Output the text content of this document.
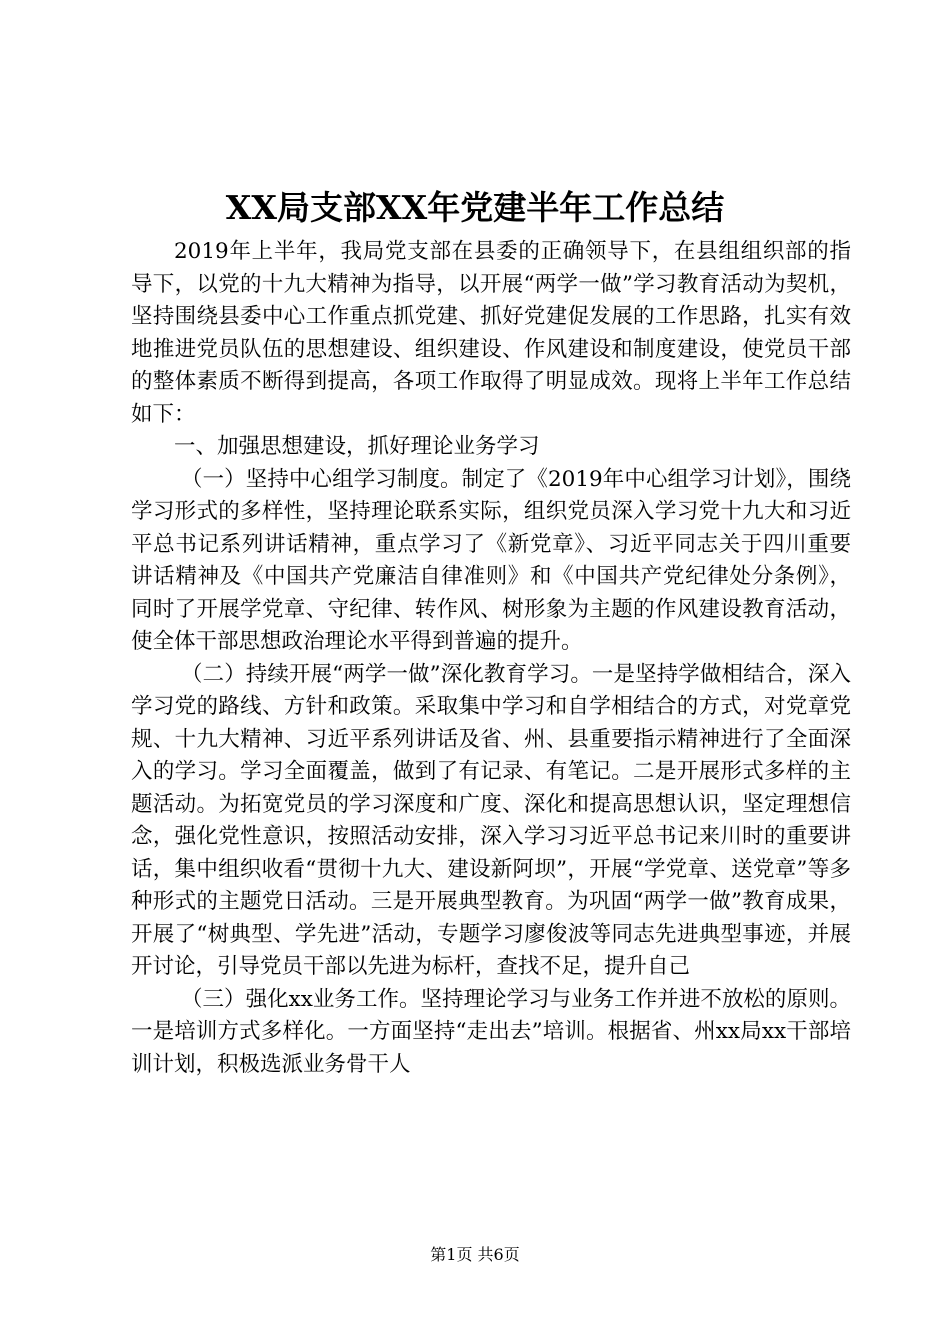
XX局支部XX年党建半年工作总结

2019年上半年，我局党支部在县委的正确领导下，在县组组织部的指导下，以党的十九大精神为指导，以开展“两学一做”学习教育活动为契机，坚持围绕县委中心工作重点抓党建、抓好党建促发展的工作思路，扎实有效地推进党员队伍的思想建设、组织建设、作风建设和制度建设，使党员干部的整体素质不断得到提高，各项工作取得了明显成效。现将上半年工作总结如下：

一、加强思想建设，抓好理论业务学习

（一）坚持中心组学习制度。制定了《2019年中心组学习计划》，围绕学习形式的多样性，坚持理论联系实际，组织党员深入学习党十九大和习近平总书记系列讲话精神，重点学习了《新党章》、习近平同志关于四川重要讲话精神及《中国共产党廉洁自律准则》和《中国共产党纪律处分条例》，同时了开展学党章、守纪律、转作风、树形象为主题的作风建设教育活动，使全体干部思想政治理论水平得到普遍的提升。

（二）持续开展“两学一做”深化教育学习。一是坚持学做相结合，深入学习党的路线、方针和政策。采取集中学习和自学相结合的方式，对党章党规、十九大精神、习近平系列讲话及省、州、县重要指示精神进行了全面深入的学习。学习全面覆盖，做到了有记录、有笔记。二是开展形式多样的主题活动。为拓宽党员的学习深度和广度、深化和提高思想认识，坚定理想信念，强化党性意识，按照活动安排，深入学习习近平总书记来川时的重要讲话，集中组织收看“贯彻十九大、建设新阿坝”，开展“学党章、送党章”等多种形式的主题党日活动。三是开展典型教育。为巩固“两学一做”教育成果，开展了“树典型、学先进”活动，专题学习廖俊波等同志先进典型事迹，并展开讨论，引导党员干部以先进为标杆，查找不足，提升自己

（三）强化xx业务工作。坚持理论学习与业务工作并进不放松的原则。一是培训方式多样化。一方面坚持“走出去”培训。根据省、州xx局xx干部培训计划，积极选派业务骨干人

第1页 共6页
